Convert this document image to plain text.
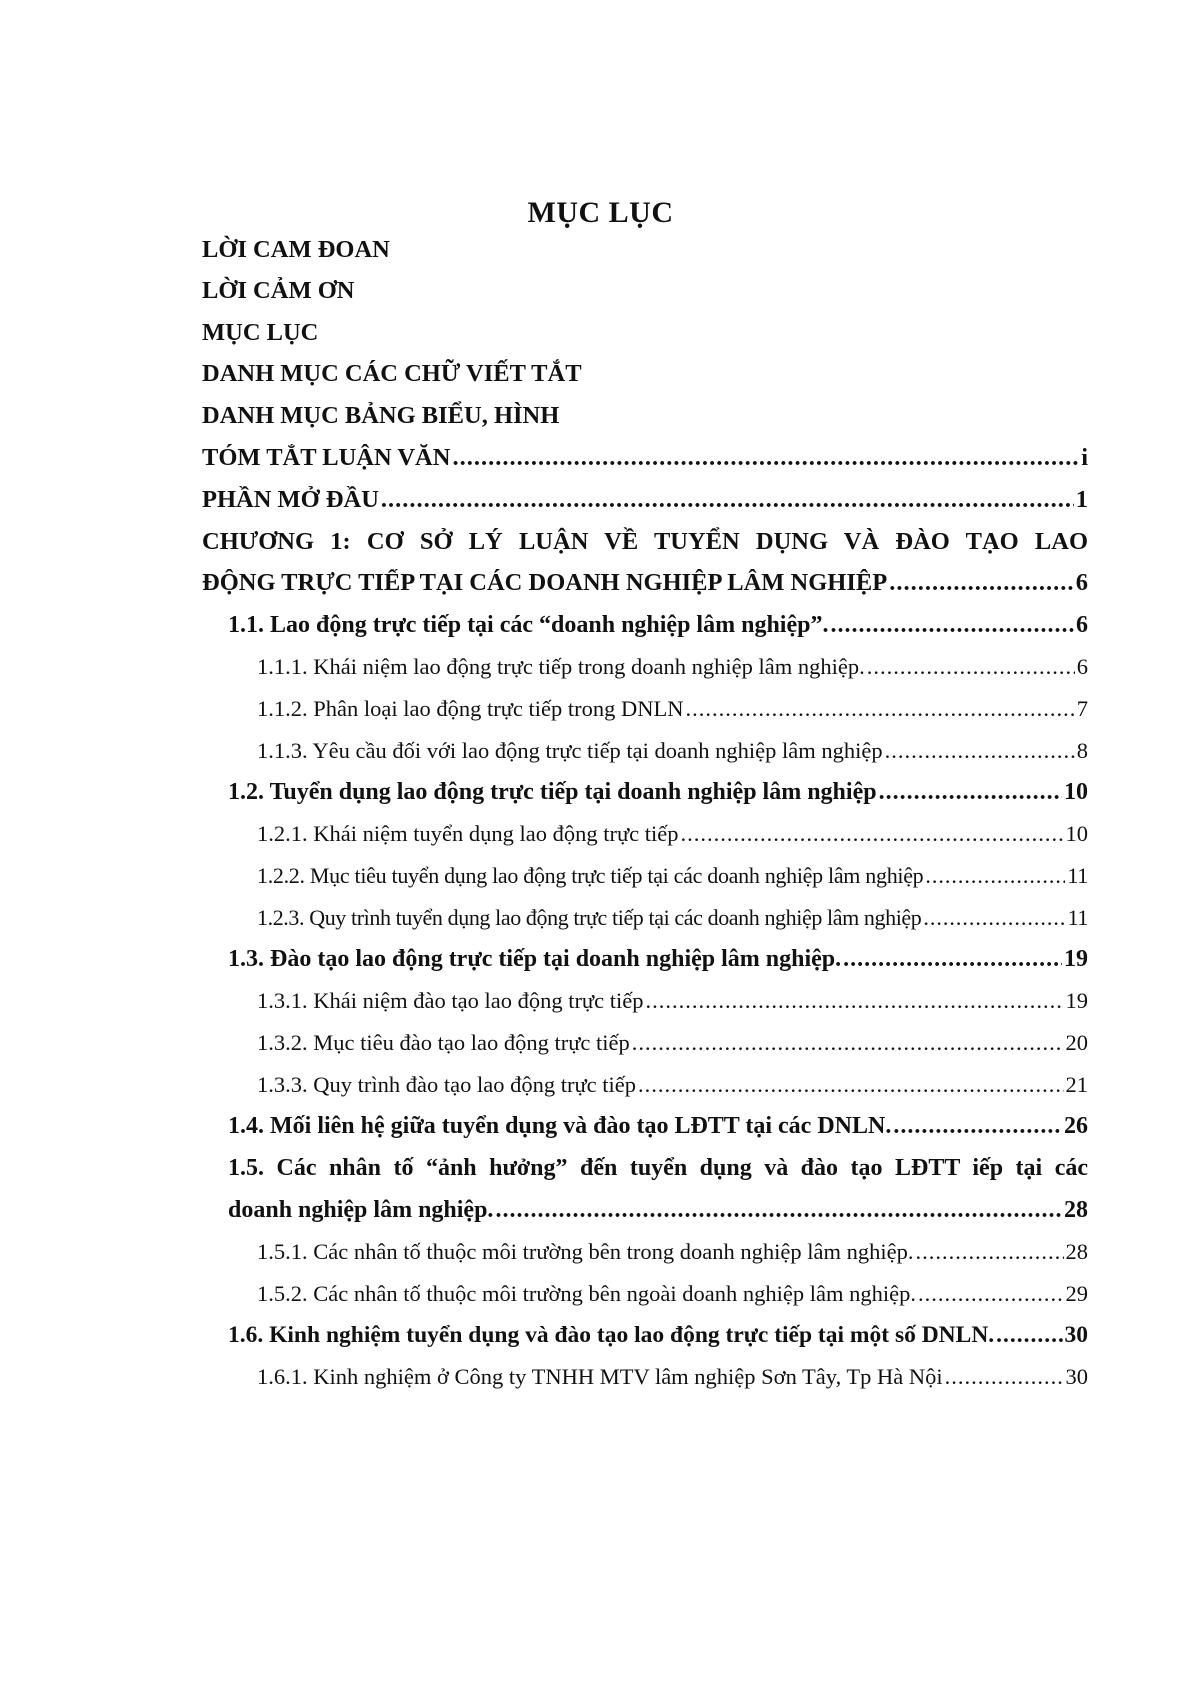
MỤC LỤC
LỜI CAM ĐOAN
LỜI CẢM ƠN
MỤC LỤC
DANH MỤC CÁC CHỮ VIẾT TẮT
DANH MỤC BẢNG BIỂU, HÌNH
TÓM TẮT LUẬN VĂN .....	i
PHẦN MỞ ĐẦU .....	1
CHƯƠNG 1: CƠ SỞ LÝ LUẬN VỀ TUYỂN DỤNG VÀ ĐÀO TẠO LAO
ĐỘNG TRỰC TIẾP TẠI CÁC DOANH NGHIỆP LÂM NGHIỆP .....	6
1.1. Lao động trực tiếp tại các “doanh nghiệp lâm nghiệp”. .....	6
1.1.1. Khái niệm lao động trực tiếp trong doanh nghiệp lâm nghiệp. .....	6
1.1.2. Phân loại lao động trực tiếp trong DNLN .....	7
1.1.3. Yêu cầu đối với lao động trực tiếp tại doanh nghiệp lâm nghiệp .....	8
1.2. Tuyển dụng lao động trực tiếp tại doanh nghiệp lâm nghiệp .....	10
1.2.1. Khái niệm tuyển dụng lao động trực tiếp .....	10
1.2.2. Mục tiêu tuyển dụng lao động trực tiếp tại các doanh nghiệp lâm nghiệp .....	11
1.2.3. Quy trình tuyển dụng lao động trực tiếp tại các doanh nghiệp lâm nghiệp .....	11
1.3. Đào tạo lao động trực tiếp tại doanh nghiệp lâm nghiệp. .....	19
1.3.1. Khái niệm đào tạo lao động trực tiếp .....	19
1.3.2. Mục tiêu đào tạo lao động trực tiếp .....	20
1.3.3. Quy trình đào tạo lao động trực tiếp .....	21
1.4. Mối liên hệ giữa tuyển dụng và đào tạo LĐTT tại các DNLN. .....	26
1.5. Các nhân tố “ảnh hưởng” đến tuyển dụng và đào tạo LĐTT iếp tại các
doanh nghiệp lâm nghiệp. .....	28
1.5.1. Các nhân tố thuộc môi trường bên trong doanh nghiệp lâm nghiệp. .....	28
1.5.2. Các nhân tố thuộc môi trường bên ngoài doanh nghiệp lâm nghiệp. .....	29
1.6. Kinh nghiệm tuyển dụng và đào tạo lao động trực tiếp tại một số DNLN. .....	30
1.6.1. Kinh nghiệm ở Công ty TNHH MTV lâm nghiệp Sơn Tây, Tp Hà Nội .....	30
